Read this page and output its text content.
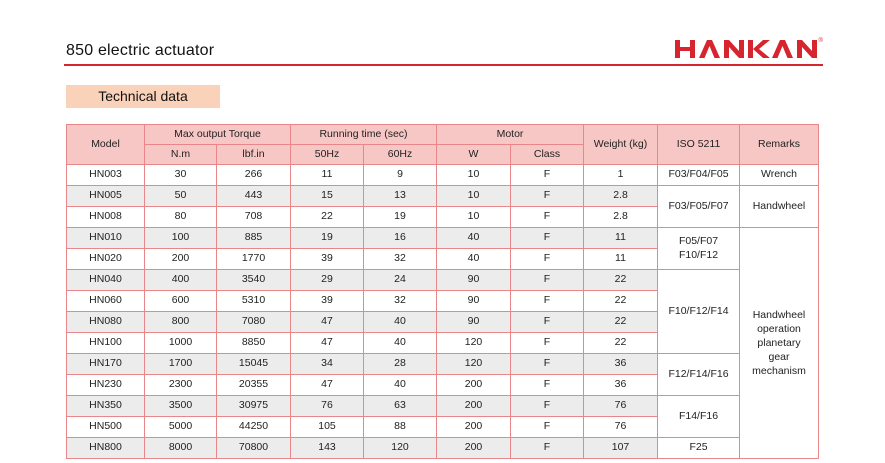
850 electric actuator
®
Technical data
Model	Max output Torque		Running time (sec)		Motor		Weight (kg)	ISO 5211	Remarks
	N.m	lbf.in	50Hz	60Hz	W	Class			
HN003	30	266	11	9	10	F	1	F03/F04/F05	Wrench
HN005	50	443	15	13	10	F	2.8	F03/F05/F07	Handwheel
HN008	80	708	22	19	10	F	2.8		
HN010	100	885	19	16	40	F	11	F05/F07 F10/F12	Handwheel operation planetary gear mechanism
HN020	200	1770	39	32	40	F	11		
HN040	400	3540	29	24	90	F	22	F10/F12/F14	
HN060	600	5310	39	32	90	F	22		
HN080	800	7080	47	40	90	F	22		
HN100	1000	8850	47	40	120	F	22		
HN170	1700	15045	34	28	120	F	36	F12/F14/F16	
HN230	2300	20355	47	40	200	F	36		
HN350	3500	30975	76	63	200	F	76	F14/F16	
HN500	5000	44250	105	88	200	F	76		
HN800	8000	70800	143	120	200	F	107	F25	
